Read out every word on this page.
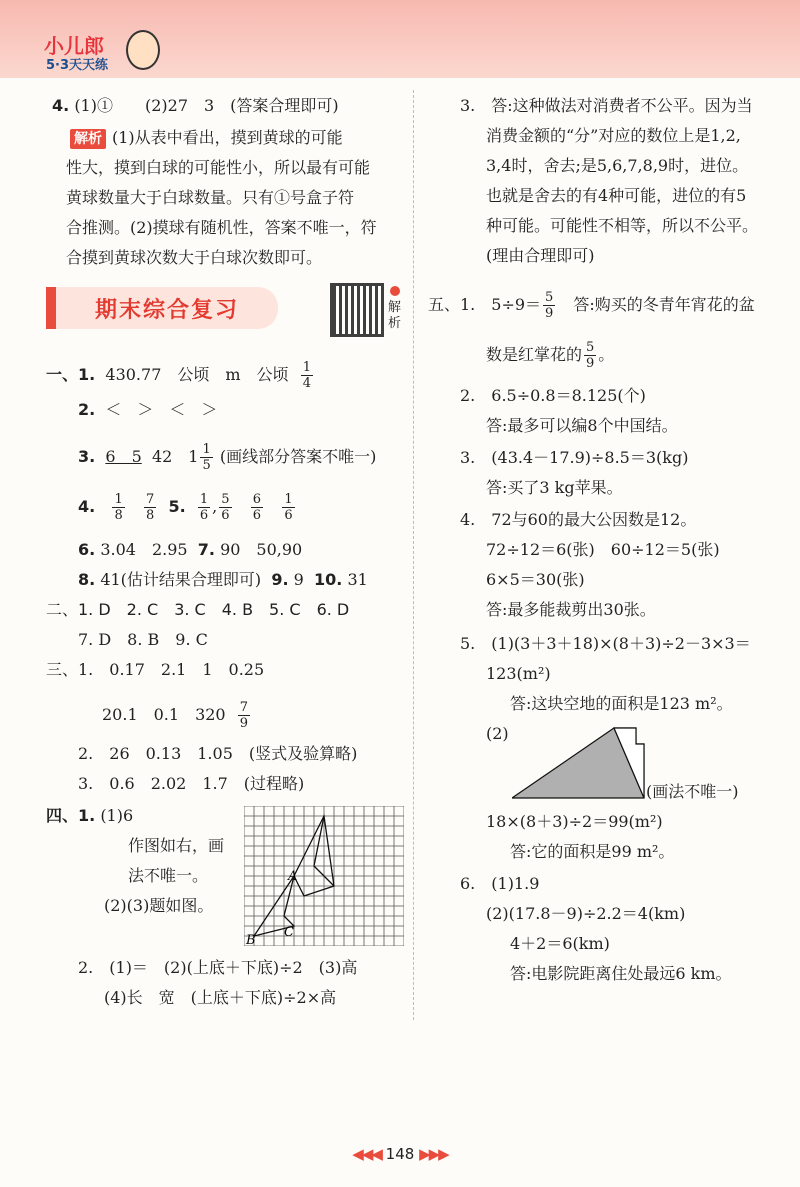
小儿郎
5·3天天练
4. (1)①　　(2)27　3　(答案合理即可)
解析 (1)从表中看出，摸到黄球的可能
性大，摸到白球的可能性小，所以最有可能
黄球数量大于白球数量。只有①号盒子符
合推测。(2)摸球有随机性，答案不唯一，符
合摸到黄球次数大于白球次数即可。
期末综合复习	解析
一、1. 430.77　公顷　m　公顷 $\frac{1}{4}$
2. ＜　＞　＜　＞
3. 6　5 42　$1 \frac{1}{5}$ (画线部分答案不唯一)
4. $\frac{1}{8}$
$\frac{7}{8} 5$. $\frac{1}{6}$ , $\frac{5}{6}$
$\frac{6}{6}$
$\frac{1}{6}$
6. 3.04　2.95 7. 90　50,90
8. 41(估计结果合理即可) 9. 9 10. 31
二、1. D　2. C　3. C　4. B　5. C　6. D
7. D　8. B　9. C
三、1.　0.17　2.1　1　0.25
20.1　0.1　$320 \frac{7}{9}$
2.　26　0.13　1.05　(竖式及验算略)
3.　0.6　2.02　1.7　(过程略)
四、1. (1)6
作图如右，画
法不唯一。
(2)(3)题如图。
A
B
C
2.　(1)＝　(2)(上底＋下底)÷2　(3)高
(4)长　宽　(上底＋下底)÷2×高
3.　答:这种做法对消费者不公平。因为当
消费金额的“分”对应的数位上是1,2,
3,4时，舍去;是5,6,7,8,9时，进位。
也就是舍去的有4种可能，进位的有5
种可能。可能性不相等，所以不公平。
(理由合理即可)
五、1.　$5\div 9= \frac{5}{9}$ 　答:购买的冬青年宵花的盆
数是红掌花的 $\frac{5}{9}$ 。
2.　6.5÷0.8＝8.125(个)
答:最多可以编8个中国结。
3.　(43.4－17.9)÷8.5＝3(kg)
答:买了3 kg苹果。
4.　72与60的最大公因数是12。
72÷12＝6(张)　60÷12＝5(张)
6×5＝30(张)
答:最多能裁剪出30张。
5.　(1)(3＋3＋18)×(8＋3)÷2－3×3＝
123(m²)
答:这块空地的面积是123 m²。
(2)
(画法不唯一)
18×(8＋3)÷2＝99(m²)
答:它的面积是99 m²。
6.　(1)1.9
(2)(17.8－9)÷2.2＝4(km)
4＋2＝6(km)
答:电影院距离住处最远6 km。
◀◀◀ 148 ▶▶▶
